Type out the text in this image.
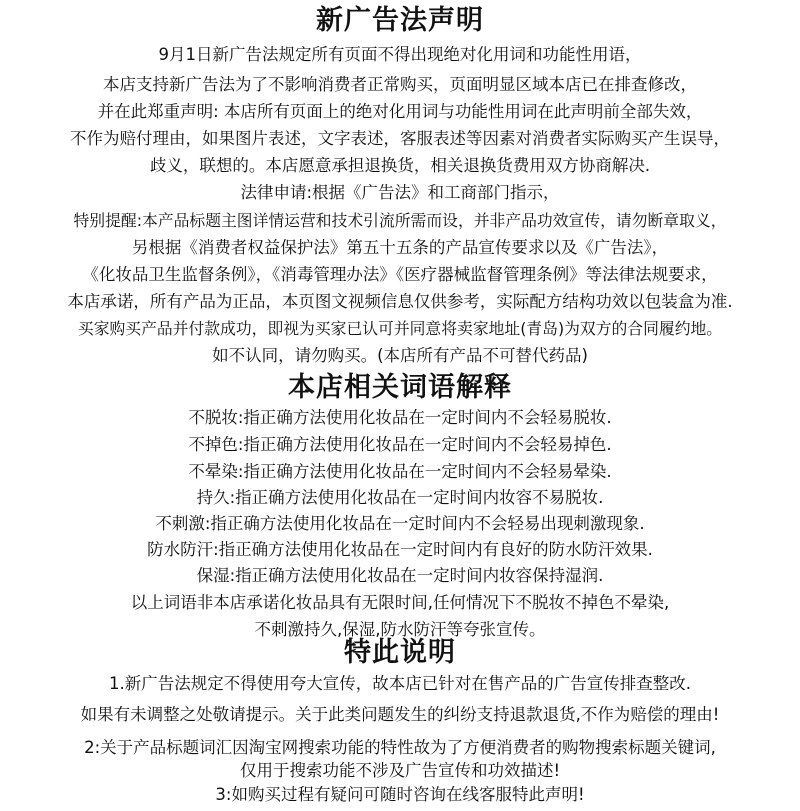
新广告法声明
9月1日新广告法规定所有页面不得出现绝对化用词和功能性用语，
本店支持新广告法为了不影响消费者正常购买，页面明显区域本店已在排查修改，
并在此郑重声明: 本店所有页面上的绝对化用词与功能性用词在此声明前全部失效，
不作为赔付理由，如果图片表述，文字表述，客服表述等因素对消费者实际购买产生误导，
歧义，联想的。本店愿意承担退换货，相关退换货费用双方协商解决.
法律申请:根据《广告法》和工商部门指示，
特别提醒:本产品标题主图详情运营和技术引流所需而设，并非产品功效宣传，请勿断章取义，
另根据《消费者权益保护法》第五十五条的产品宣传要求以及《广告法》，
《化妆品卫生监督条例》，《消毒管理办法》《医疗器械监督管理条例》等法律法规要求，
本店承诺，所有产品为正品，本页图文视频信息仅供参考，实际配方结构功效以包装盒为准.
买家购买产品并付款成功，即视为买家已认可并同意将卖家地址(青岛)为双方的合同履约地。
如不认同，请勿购买。(本店所有产品不可替代药品)
本店相关词语解释
不脱妆:指正确方法使用化妆品在一定时间内不会轻易脱妆.
不掉色:指正确方法使用化妆品在一定时间内不会轻易掉色.
不晕染:指正确方法使用化妆品在一定时间内不会轻易晕染.
持久:指正确方法使用化妆品在一定时间内妆容不易脱妆.
不刺激:指正确方法使用化妆品在一定时间内不会轻易出现刺激现象.
防水防汗:指正确方法使用化妆品在一定时间内有良好的防水防汗效果.
保湿:指正确方法使用化妆品在一定时间内妆容保持湿润.
以上词语非本店承诺化妆品具有无限时间,任何情况下不脱妆不掉色不晕染,
不刺激持久,保湿,防水防汗等夸张宣传。
特此说明
1.新广告法规定不得使用夸大宣传，故本店已针对在售产品的广告宣传排查整改.
如果有未调整之处敬请提示。关于此类问题发生的纠纷支持退款退货,不作为赔偿的理由!
2:关于产品标题词汇因淘宝网搜索功能的特性故为了方便消费者的购物搜索标题关键词,
仅用于搜索功能不涉及广告宣传和功效描述!
3:如购买过程有疑问可随时咨询在线客服特此声明!
